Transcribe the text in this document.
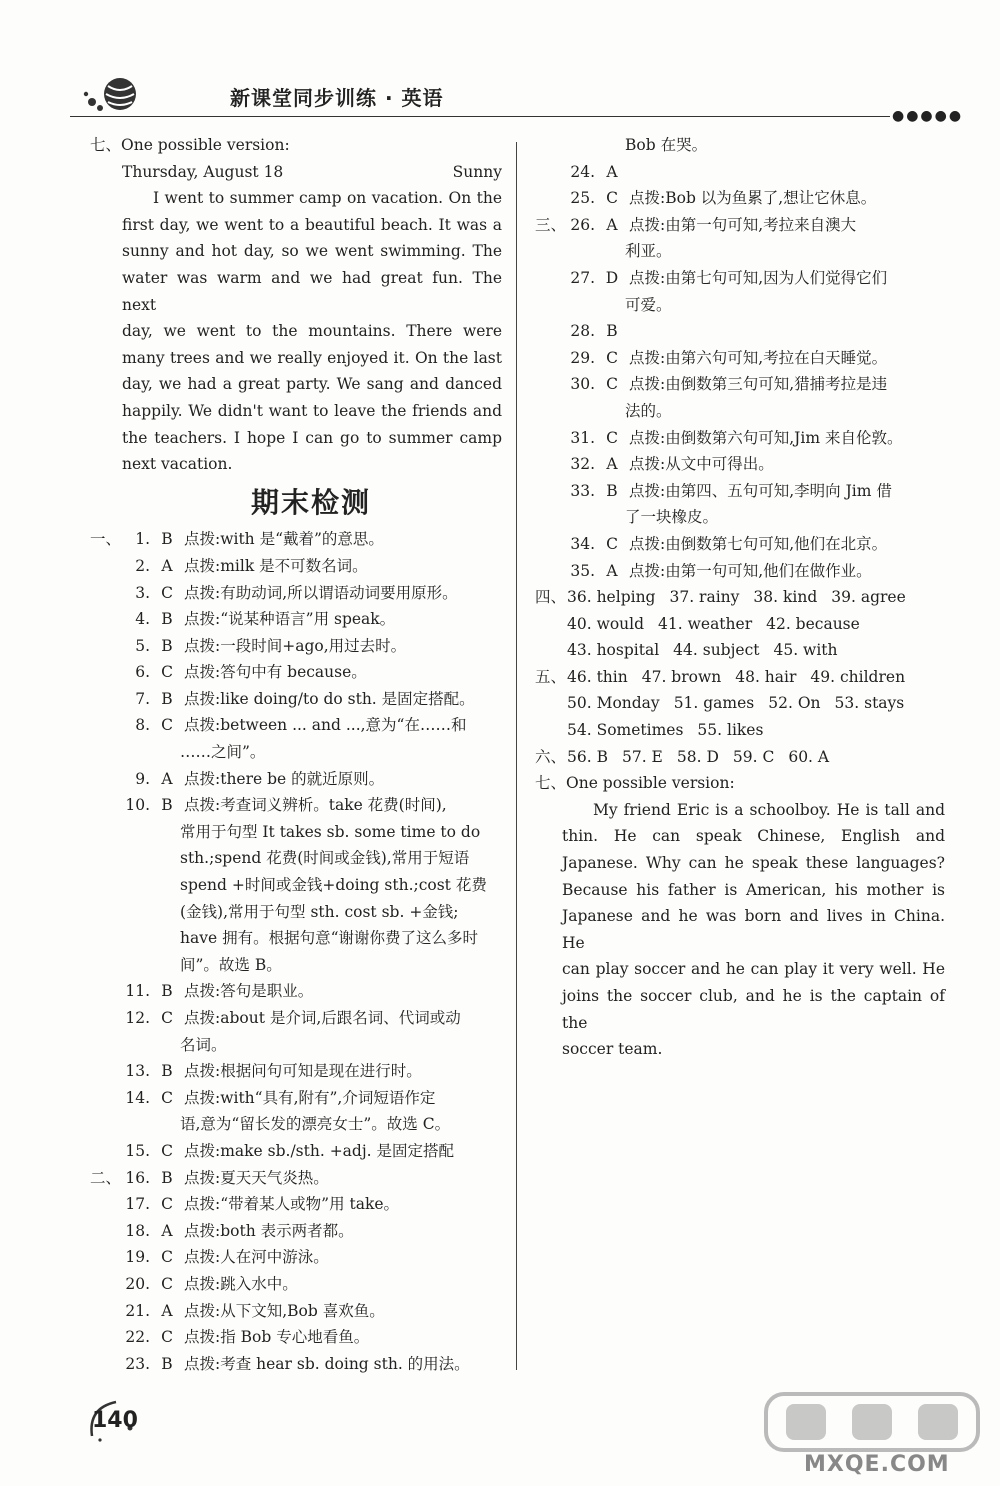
新课堂同步训练 · 英语
●●●●●
七、One possible version:
Thursday, August 18	Sunny
I went to summer camp on vacation. On the
first day, we went to a beautiful beach. It was a
sunny and hot day, so we went swimming. The
water was warm and we had great fun. The next
day, we went to the mountains. There were
many trees and we really enjoyed it. On the last
day, we had a great party. We sang and danced
happily. We didn't want to leave the friends and
the teachers. I hope I can go to summer camp
next vacation.
期末检测
一、 1. B 点拨:with 是“戴着”的意思。
2. A 点拨:milk 是不可数名词。
3. C 点拨:有助动词,所以谓语动词要用原形。
4. B 点拨:“说某种语言”用 speak。
5. B 点拨:一段时间+ago,用过去时。
6. C 点拨:答句中有 because。
7. B 点拨:like doing/to do sth. 是固定搭配。
8. C 点拨:between ... and ...,意为“在……和
……之间”。
9. A 点拨:there be 的就近原则。
10. B 点拨:考查词义辨析。take 花费(时间),
常用于句型 It takes sb. some time to do
sth.;spend 花费(时间或金钱),常用于短语
spend +时间或金钱+doing sth.;cost 花费
(金钱),常用于句型 sth. cost sb. +金钱;
have 拥有。根据句意“谢谢你费了这么多时
间”。故选 B。
11. B 点拨:答句是职业。
12. C 点拨:about 是介词,后跟名词、代词或动
名词。
13. B 点拨:根据问句可知是现在进行时。
14. C 点拨:with“具有,附有”,介词短语作定
语,意为“留长发的漂亮女士”。故选 C。
15. C 点拨:make sb./sth. +adj. 是固定搭配
二、 16. B 点拨:夏天天气炎热。
17. C 点拨:“带着某人或物”用 take。
18. A 点拨:both 表示两者都。
19. C 点拨:人在河中游泳。
20. C 点拨:跳入水中。
21. A 点拨:从下文知,Bob 喜欢鱼。
22. C 点拨:指 Bob 专心地看鱼。
23. B 点拨:考查 hear sb. doing sth. 的用法。
Bob 在哭。
24. A
25. C 点拨:Bob 以为鱼累了,想让它休息。
三、 26. A 点拨:由第一句可知,考拉来自澳大
利亚。
27. D 点拨:由第七句可知,因为人们觉得它们
可爱。
28. B
29. C 点拨:由第六句可知,考拉在白天睡觉。
30. C 点拨:由倒数第三句可知,猎捕考拉是违
法的。
31. C 点拨:由倒数第六句可知,Jim 来自伦敦。
32. A 点拨:从文中可得出。
33. B 点拨:由第四、五句可知,李明向 Jim 借
了一块橡皮。
34. C 点拨:由倒数第七句可知,他们在北京。
35. A 点拨:由第一句可知,他们在做作业。
四、 36. helping 37. rainy 38. kind 39. agree
40. would 41. weather 42. because
43. hospital 44. subject 45. with
五、 46. thin 47. brown 48. hair 49. children
50. Monday 51. games 52. On 53. stays
54. Sometimes 55. likes
六、 56. B 57. E 58. D 59. C 60. A
七、One possible version:
My friend Eric is a schoolboy. He is tall and
thin. He can speak Chinese, English and
Japanese. Why can he speak these languages?
Because his father is American, his mother is
Japanese and he was born and lives in China. He
can play soccer and he can play it very well. He
joins the soccer club, and he is the captain of the
soccer team.
140
MXQE.COM
